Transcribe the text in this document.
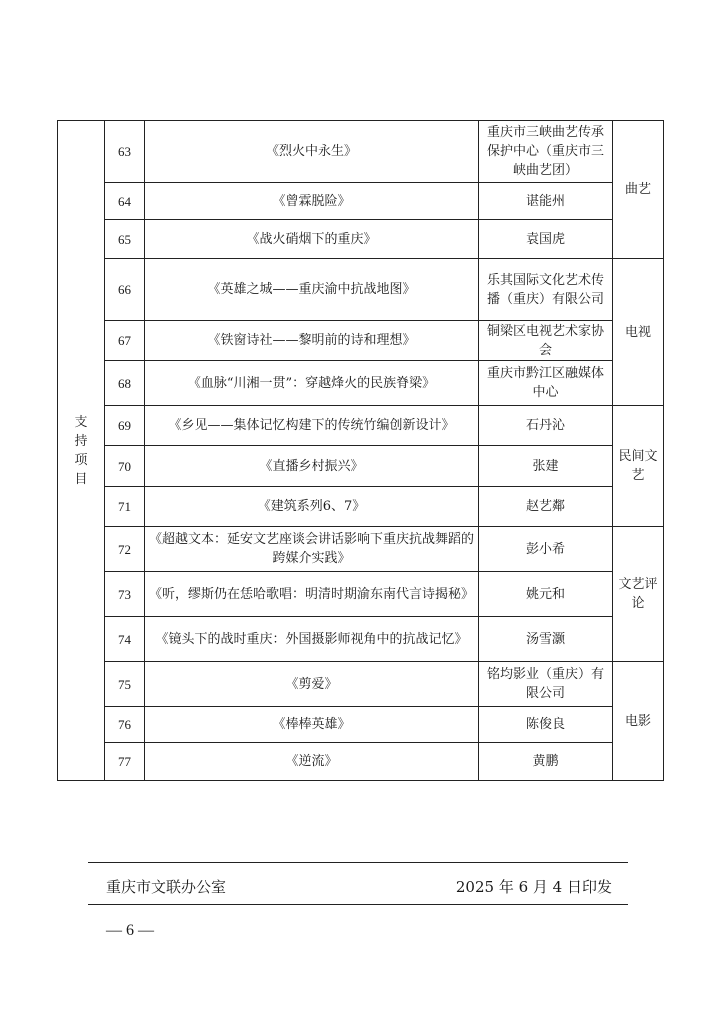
支持项目	63	《烈火中永生》	重庆市三峡曲艺传承保护中心（重庆市三峡曲艺团）	曲艺
	64	《曾霖脱险》	谌能州	
	65	《战火硝烟下的重庆》	袁国虎	
	66	《英雄之城——重庆渝中抗战地图》	乐其国际文化艺术传播（重庆）有限公司	电视
	67	《铁窗诗社——黎明前的诗和理想》	铜梁区电视艺术家协会	
	68	《血脉“川湘一贯”：穿越烽火的民族脊梁》	重庆市黔江区融媒体中心	
	69	《乡见——集体记忆构建下的传统竹编创新设计》	石丹沁	民间文艺
	70	《直播乡村振兴》	张建	
	71	《建筑系列6、7》	赵艺鄰	
	72	《超越文本：延安文艺座谈会讲话影响下重庆抗战舞蹈的跨媒介实践》	彭小希	文艺评论
	73	《听，缪斯仍在恁哈歌唱：明清时期渝东南代言诗揭秘》	姚元和	
	74	《镜头下的战时重庆：外国摄影师视角中的抗战记忆》	汤雪灏	
	75	《剪爱》	铭均影业（重庆）有限公司	电影
	76	《棒棒英雄》	陈俊良	
	77	《逆流》	黄鹏	
重庆市文联办公室	2025 年 6 月 4 日印发
— 6 —
